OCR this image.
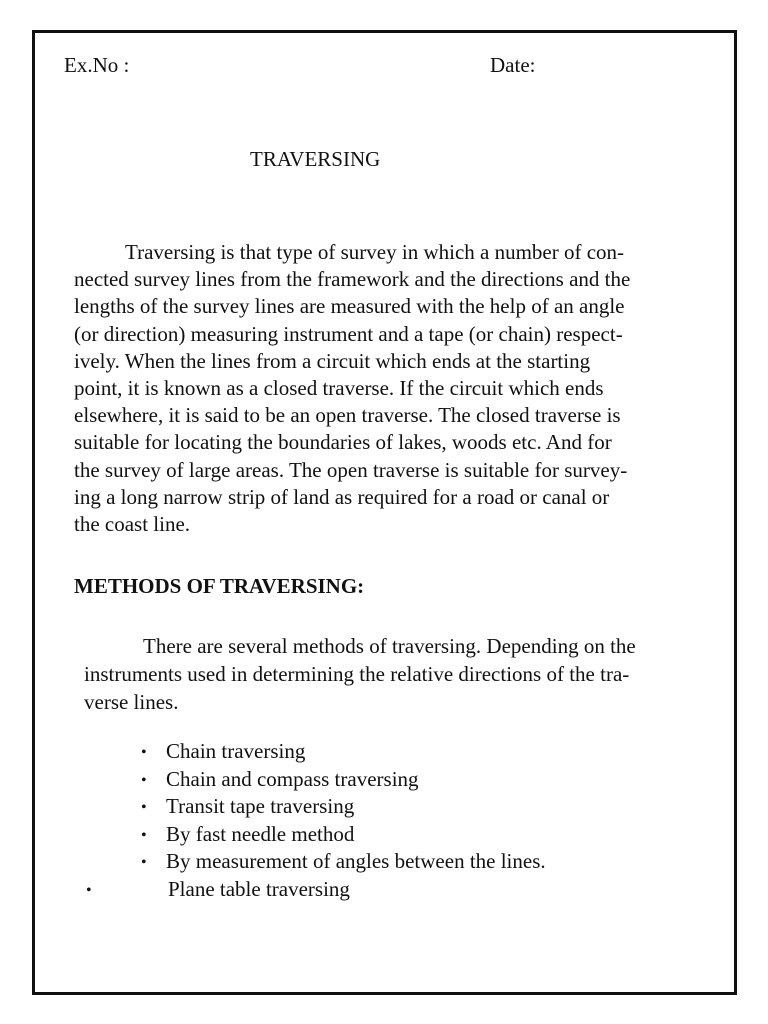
Ex.No :	Date:
TRAVERSING
Traversing is that type of survey in which a number of con-
nected survey lines from the framework and the directions and the
lengths of the survey lines are measured with the help of an angle
(or direction) measuring instrument and a tape (or chain) respect-
ively. When the lines from a circuit which ends at the starting
point, it is known as a closed traverse. If the circuit which ends
elsewhere, it is said to be an open traverse. The closed traverse is
suitable for locating the boundaries of lakes, woods etc. And for
the survey of large areas. The open traverse is suitable for survey-
ing a long narrow strip of land as required for a road or canal or
the coast line.
METHODS OF TRAVERSING:
There are several methods of traversing. Depending on the
instruments used in determining the relative directions of the tra-
verse lines.
• Chain traversing
• Chain and compass traversing
• Transit tape traversing
• By fast needle method
• By measurement of angles between the lines.
•	Plane table traversing
